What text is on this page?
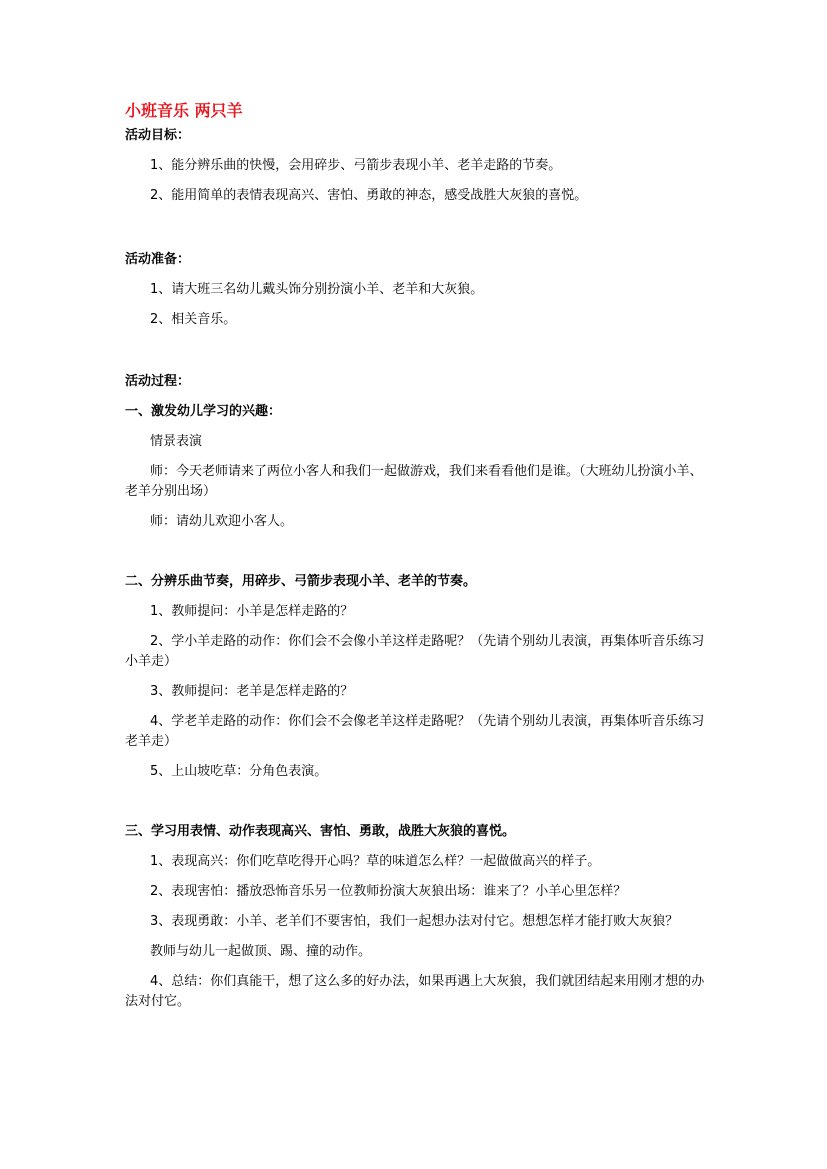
小班音乐 两只羊

活动目标：

1、能分辨乐曲的快慢，会用碎步、弓箭步表现小羊、老羊走路的节奏。

2、能用简单的表情表现高兴、害怕、勇敢的神态，感受战胜大灰狼的喜悦。

活动准备：

1、请大班三名幼儿戴头饰分别扮演小羊、老羊和大灰狼。

2、相关音乐。

活动过程：

一、激发幼儿学习的兴趣：

情景表演

师：今天老师请来了两位小客人和我们一起做游戏，我们来看看他们是谁。（大班幼儿扮演小羊、老羊分别出场）

师：请幼儿欢迎小客人。

二、分辨乐曲节奏，用碎步、弓箭步表现小羊、老羊的节奏。

1、教师提问：小羊是怎样走路的？

2、学小羊走路的动作：你们会不会像小羊这样走路呢？（先请个别幼儿表演，再集体听音乐练习小羊走）

3、教师提问：老羊是怎样走路的？

4、学老羊走路的动作：你们会不会像老羊这样走路呢？（先请个别幼儿表演，再集体听音乐练习老羊走）

5、上山坡吃草：分角色表演。

三、学习用表情、动作表现高兴、害怕、勇敢，战胜大灰狼的喜悦。

1、表现高兴：你们吃草吃得开心吗？草的味道怎么样？一起做做高兴的样子。

2、表现害怕：播放恐怖音乐另一位教师扮演大灰狼出场：谁来了？小羊心里怎样？

3、表现勇敢：小羊、老羊们不要害怕，我们一起想办法对付它。想想怎样才能打败大灰狼？

教师与幼儿一起做顶、踢、撞的动作。

4、总结：你们真能干，想了这么多的好办法，如果再遇上大灰狼，我们就团结起来用刚才想的办法对付它。
